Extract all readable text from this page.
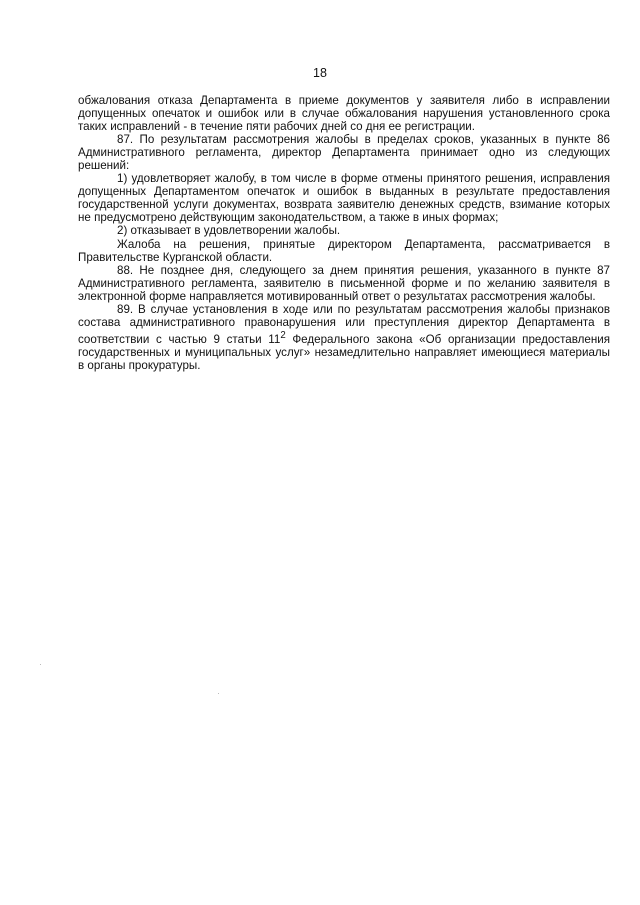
18

обжалования отказа Департамента в приеме документов у заявителя либо в исправлении допущенных опечаток и ошибок или в случае обжалования нарушения установленного срока таких исправлений - в течение пяти рабочих дней со дня ее регистрации.

87. По результатам рассмотрения жалобы в пределах сроков, указанных в пункте 86 Административного регламента, директор Департамента принимает одно из следующих решений:

1) удовлетворяет жалобу, в том числе в форме отмены принятого решения, исправления допущенных Департаментом опечаток и ошибок в выданных в результате предоставления государственной услуги документах, возврата заявителю денежных средств, взимание которых не предусмотрено действующим законодательством, а также в иных формах;

2) отказывает в удовлетворении жалобы.

Жалоба на решения, принятые директором Департамента, рассматривается в Правительстве Курганской области.

88. Не позднее дня, следующего за днем принятия решения, указанного в пункте 87 Административного регламента, заявителю в письменной форме и по желанию заявителя в электронной форме направляется мотивированный ответ о результатах рассмотрения жалобы.

89. В случае установления в ходе или по результатам рассмотрения жалобы признаков состава административного правонарушения или преступления директор Департамента в соответствии с частью 9 статьи $11^2$ Федерального закона «Об организации предоставления государственных и муниципальных услуг» незамедлительно направляет имеющиеся материалы в органы прокуратуры.
